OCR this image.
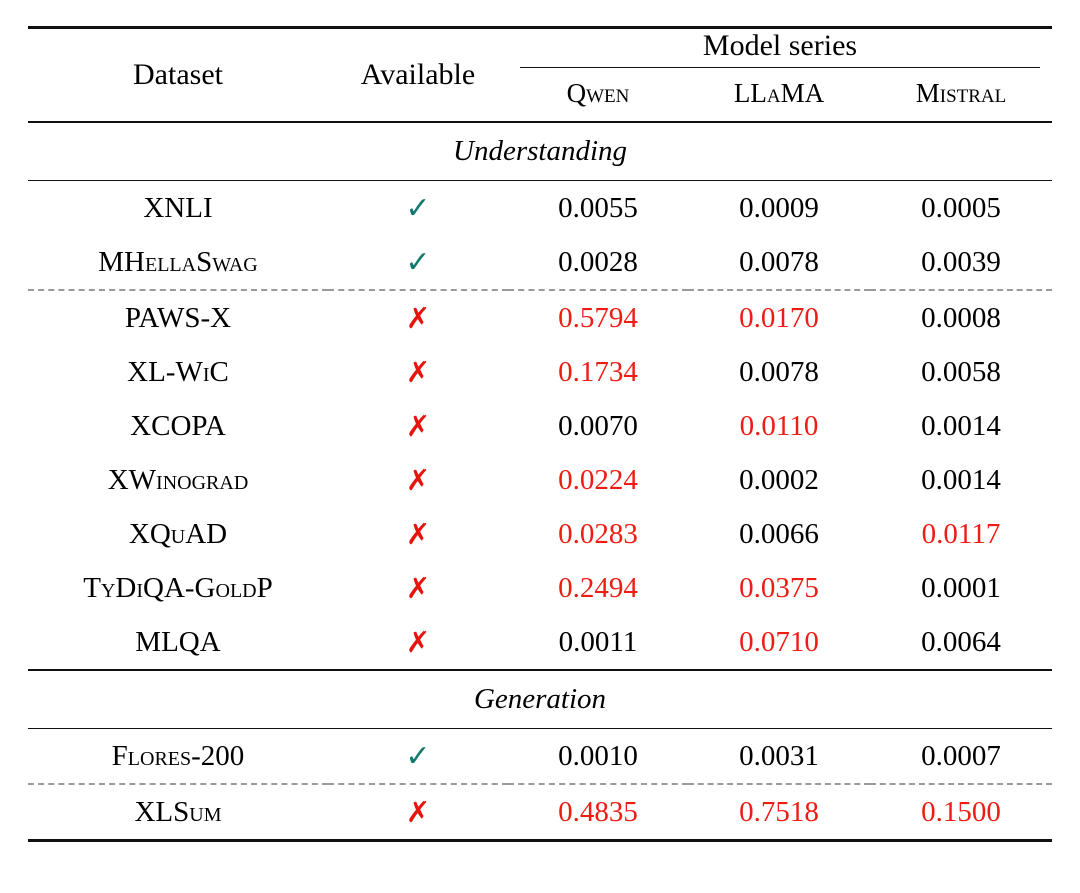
Dataset	Available	Model series		

		Qwen	LLaMA	Mistral

Understanding				

XNLI	✓	0.0055	0.0009	0.0005
MHellaSwag	✓	0.0028	0.0078	0.0039

PAWS-X	✗	0.5794	0.0170	0.0008
XL-WiC	✗	0.1734	0.0078	0.0058
XCOPA	✗	0.0070	0.0110	0.0014
XWinograd	✗	0.0224	0.0002	0.0014
XQuAD	✗	0.0283	0.0066	0.0117
TyDiQA-GoldP	✗	0.2494	0.0375	0.0001
MLQA	✗	0.0011	0.0710	0.0064

Generation				

Flores-200	✓	0.0010	0.0031	0.0007

XLSum	✗	0.4835	0.7518	0.1500
